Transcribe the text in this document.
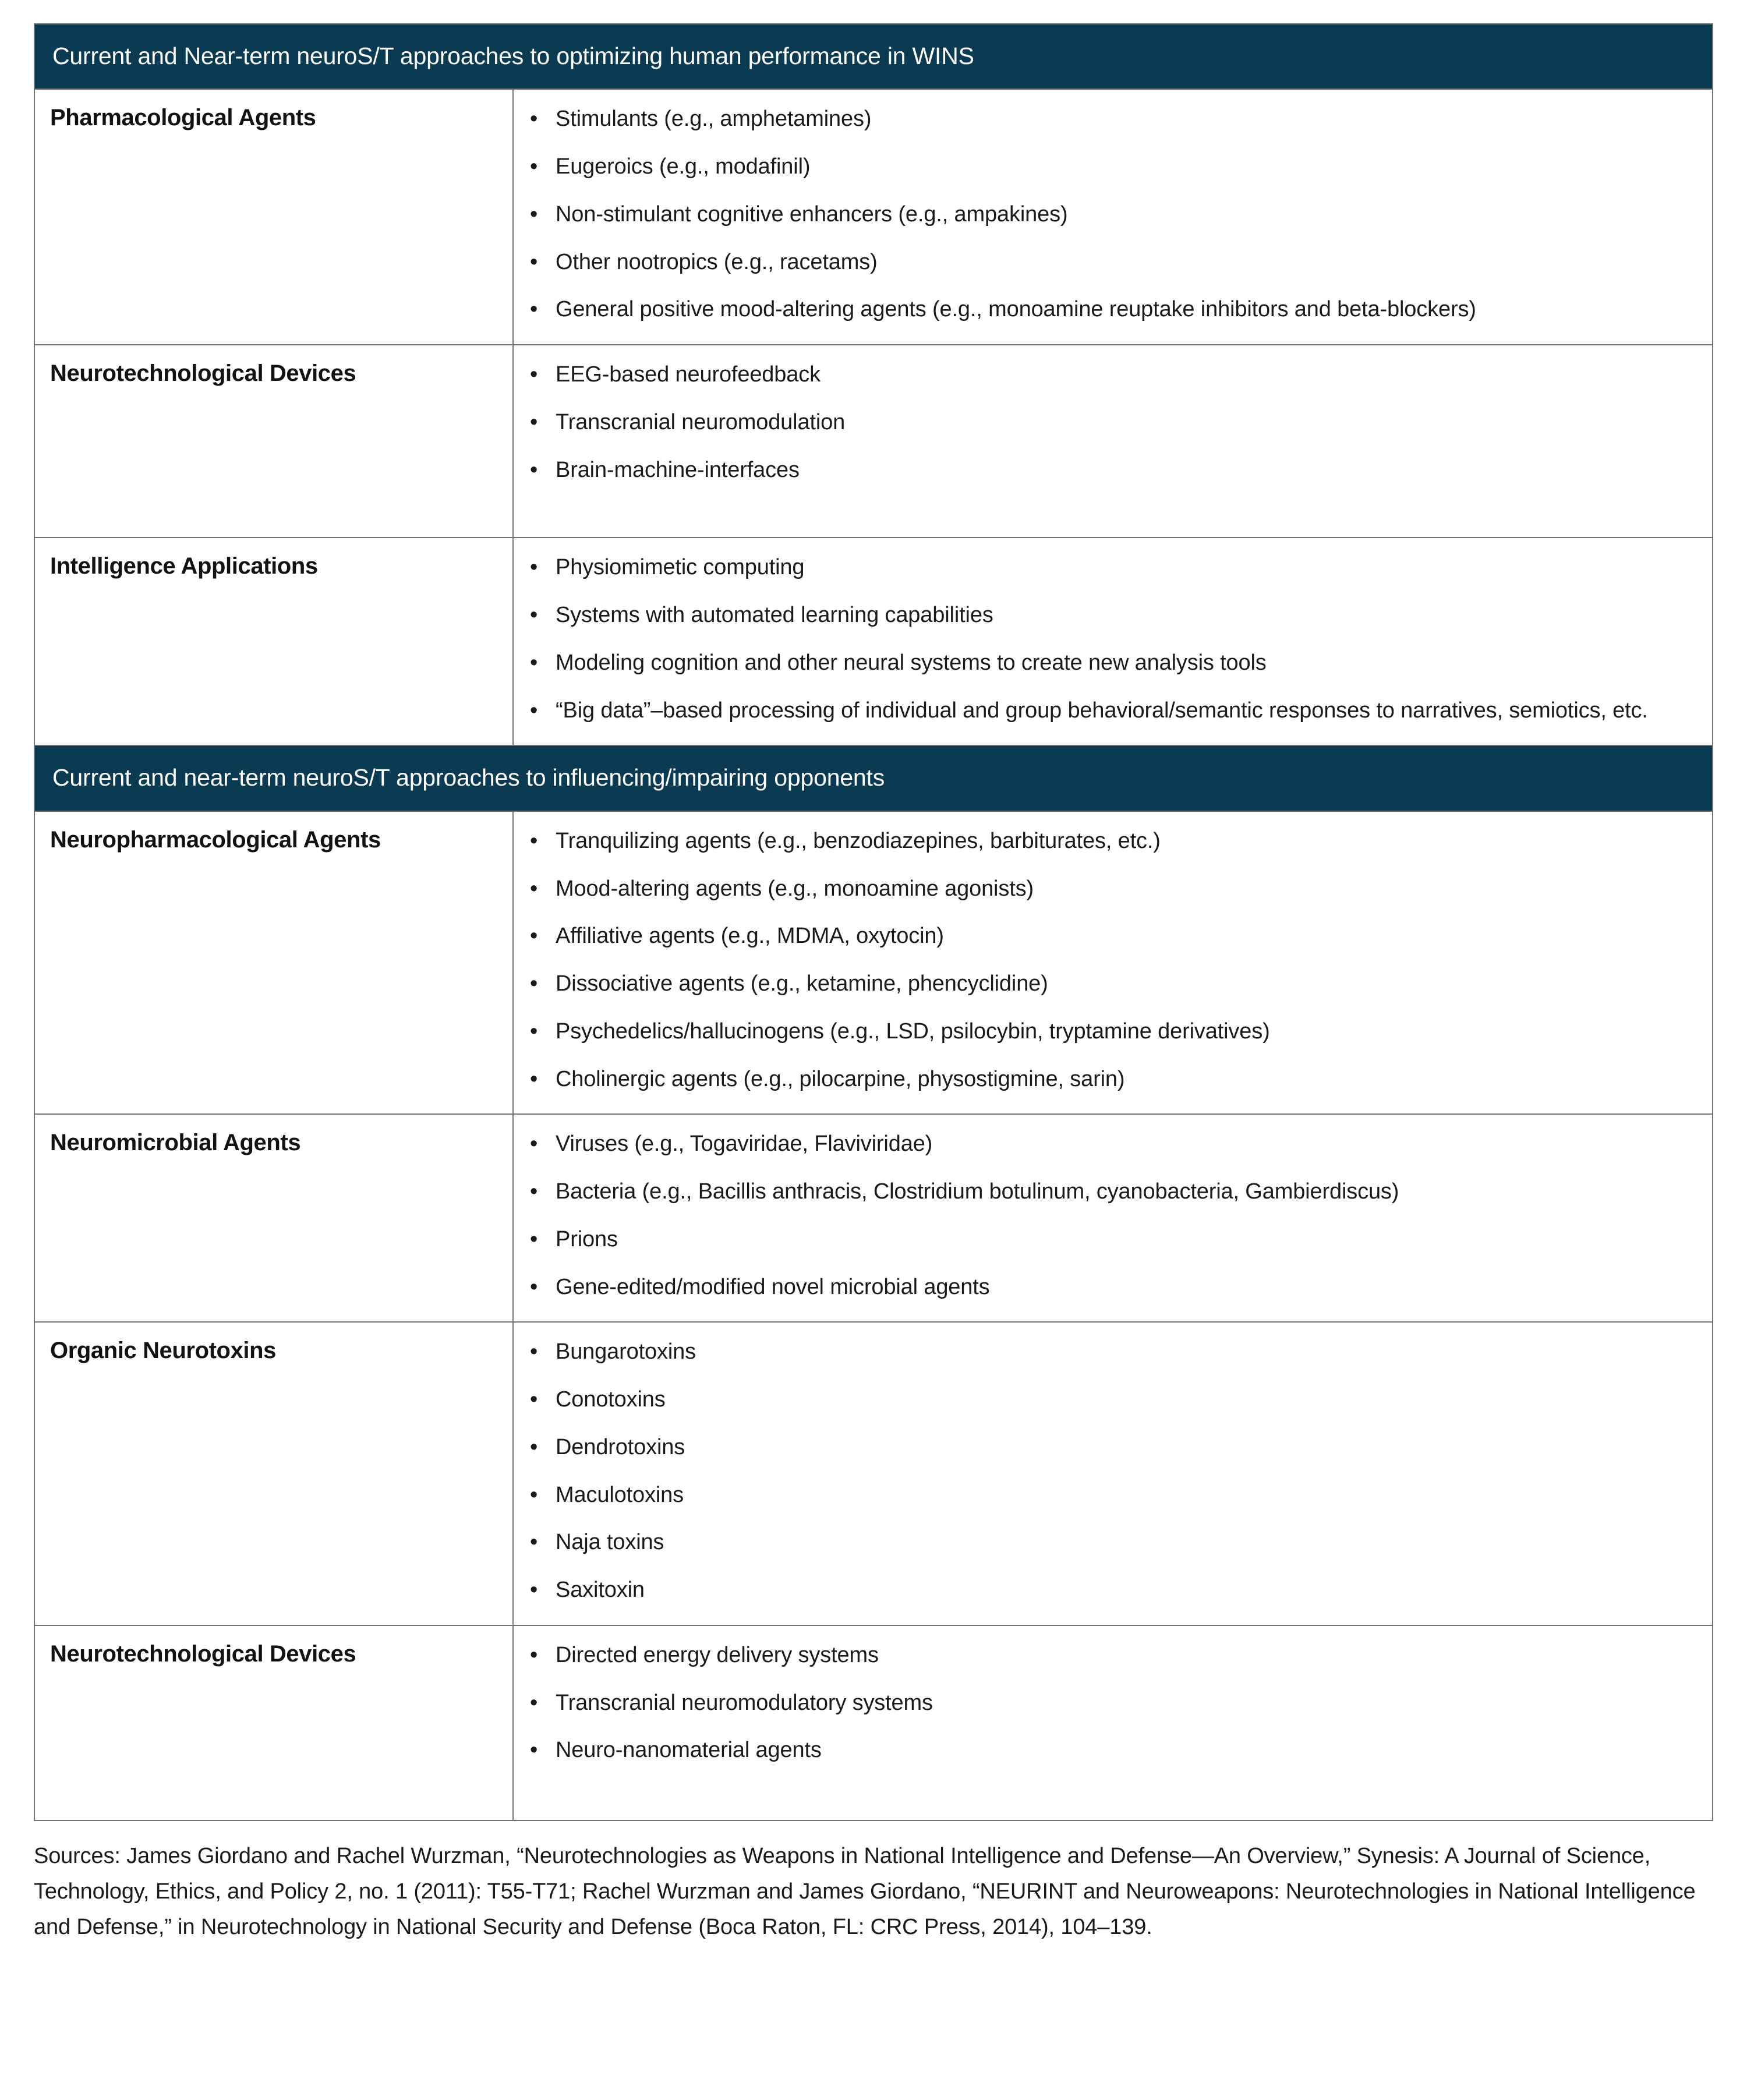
Current and Near-term neuroS/T approaches to optimizing human performance in WINS	

Pharmacological Agents	• Stimulants (e.g., amphetamines)
• Eugeroics (e.g., modafinil)
• Non-stimulant cognitive enhancers (e.g., ampakines)
• Other nootropics (e.g., racetams)
• General positive mood-altering agents (e.g., monoamine reuptake inhibitors and beta-blockers)

Neurotechnological Devices	• EEG-based neurofeedback
• Transcranial neuromodulation
• Brain-machine-interfaces

Intelligence Applications	• Physiomimetic computing
• Systems with automated learning capabilities
• Modeling cognition and other neural systems to create new analysis tools
• “Big data”–based processing of individual and group behavioral/semantic responses to narratives, semiotics, etc.

Current and near-term neuroS/T approaches to influencing/impairing opponents	

Neuropharmacological Agents	• Tranquilizing agents (e.g., benzodiazepines, barbiturates, etc.)
• Mood-altering agents (e.g., monoamine agonists)
• Affiliative agents (e.g., MDMA, oxytocin)
• Dissociative agents (e.g., ketamine, phencyclidine)
• Psychedelics/hallucinogens (e.g., LSD, psilocybin, tryptamine derivatives)
• Cholinergic agents (e.g., pilocarpine, physostigmine, sarin)

Neuromicrobial Agents	• Viruses (e.g., Togaviridae, Flaviviridae)
• Bacteria (e.g., Bacillis anthracis, Clostridium botulinum, cyanobacteria, Gambierdiscus)
• Prions
• Gene-edited/modified novel microbial agents

Organic Neurotoxins	• Bungarotoxins
• Conotoxins
• Dendrotoxins
• Maculotoxins
• Naja toxins
• Saxitoxin

Neurotechnological Devices	• Directed energy delivery systems
• Transcranial neuromodulatory systems
• Neuro-nanomaterial agents
Sources: James Giordano and Rachel Wurzman, “Neurotechnologies as Weapons in National Intelligence and Defense—An Overview,” Synesis: A Journal of Science, Technology, Ethics, and Policy 2, no. 1 (2011): T55-T71; Rachel Wurzman and James Giordano, “NEURINT and Neuroweapons: Neurotechnologies in National Intelligence and Defense,” in Neurotechnology in National Security and Defense (Boca Raton, FL: CRC Press, 2014), 104–139.
